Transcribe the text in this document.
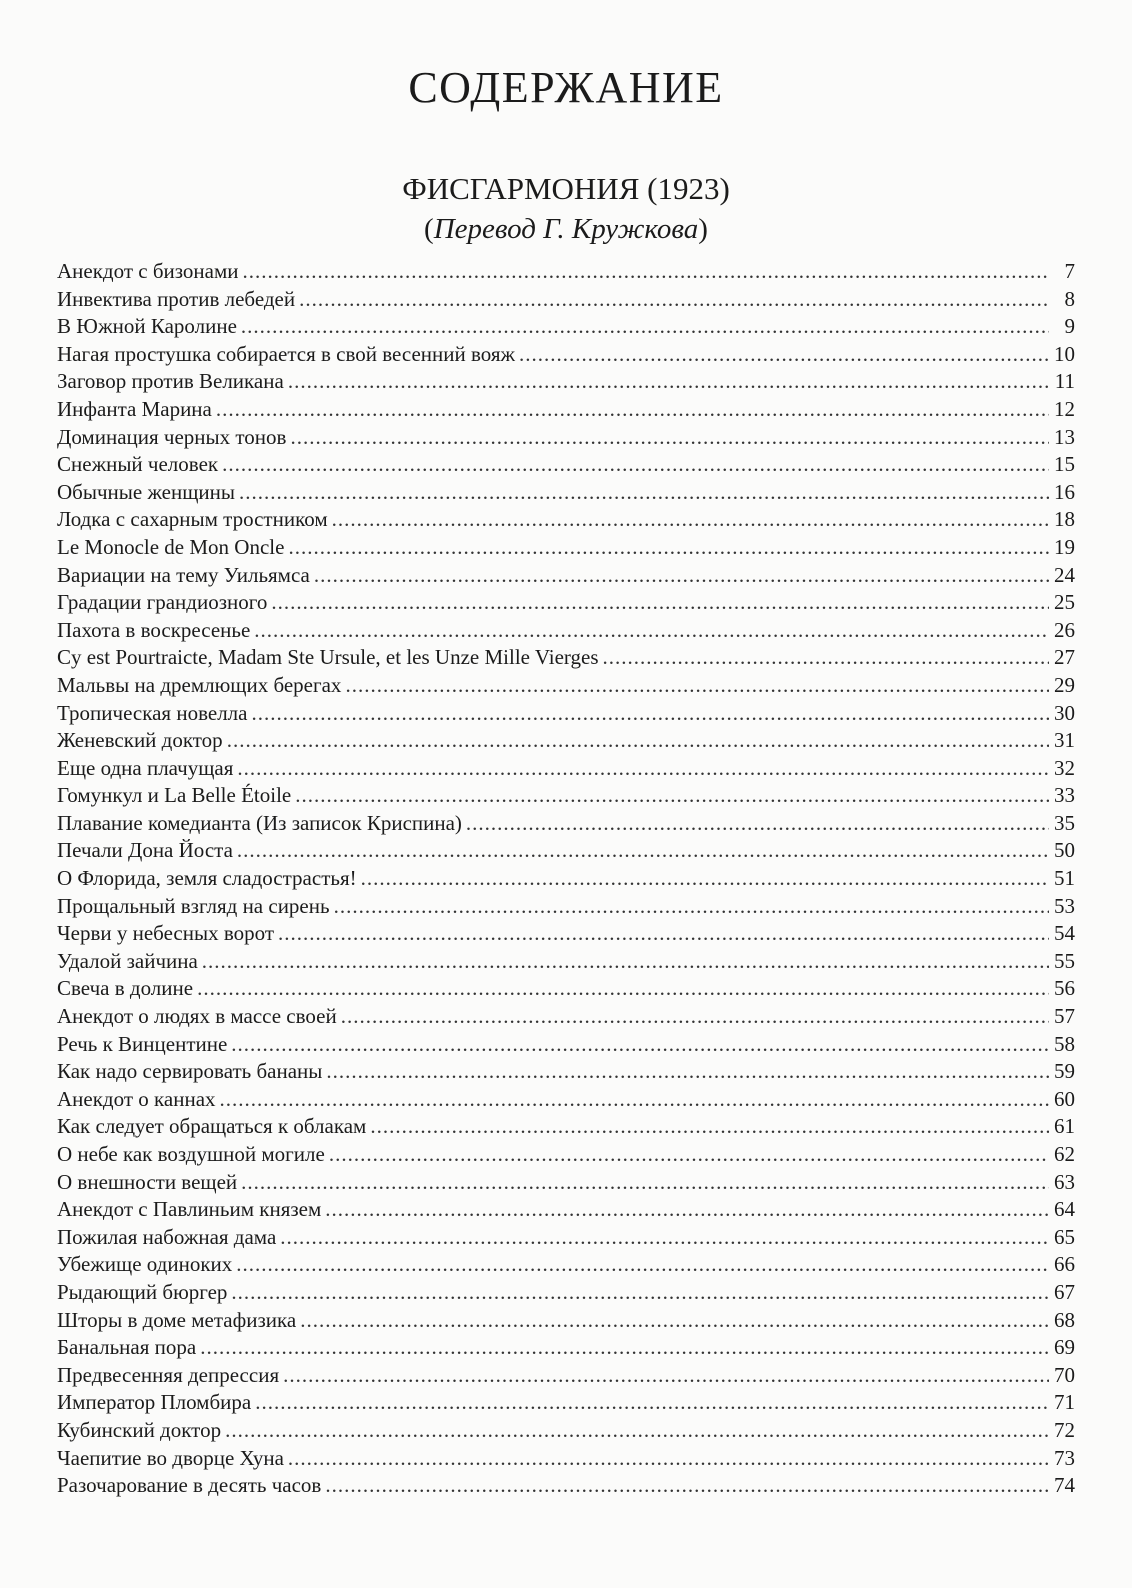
СОДЕРЖАНИЕ
ФИСГАРМОНИЯ (1923)
(Перевод Г. Кружкова)
Анекдот с бизонами .....	7
Инвектива против лебедей .....	8
В Южной Каролине .....	9
Нагая простушка собирается в свой весенний вояж .....	10
Заговор против Великана .....	11
Инфанта Марина .....	12
Доминация черных тонов .....	13
Снежный человек .....	15
Обычные женщины .....	16
Лодка с сахарным тростником .....	18
Le Monocle de Mon Oncle .....	19
Вариации на тему Уильямса .....	24
Градации грандиозного .....	25
Пахота в воскресенье .....	26
Cy est Pourtraicte, Madam Ste Ursule, et les Unze Mille Vierges .....	27
Мальвы на дремлющих берегах .....	29
Тропическая новелла .....	30
Женевский доктор .....	31
Еще одна плачущая .....	32
Гомункул и La Belle Étoile .....	33
Плавание комедианта (Из записок Криспина) .....	35
Печали Дона Йоста .....	50
О Флорида, земля сладострастья! .....	51
Прощальный взгляд на сирень .....	53
Черви у небесных ворот .....	54
Удалой зайчина .....	55
Свеча в долине .....	56
Анекдот о людях в массе своей .....	57
Речь к Винцентине .....	58
Как надо сервировать бананы .....	59
Анекдот о каннах .....	60
Как следует обращаться к облакам .....	61
О небе как воздушной могиле .....	62
О внешности вещей .....	63
Анекдот с Павлиньим князем .....	64
Пожилая набожная дама .....	65
Убежище одиноких .....	66
Рыдающий бюргер .....	67
Шторы в доме метафизика .....	68
Банальная пора .....	69
Предвесенняя депрессия .....	70
Император Пломбира .....	71
Кубинский доктор .....	72
Чаепитие во дворце Хуна .....	73
Разочарование в десять часов .....	74
